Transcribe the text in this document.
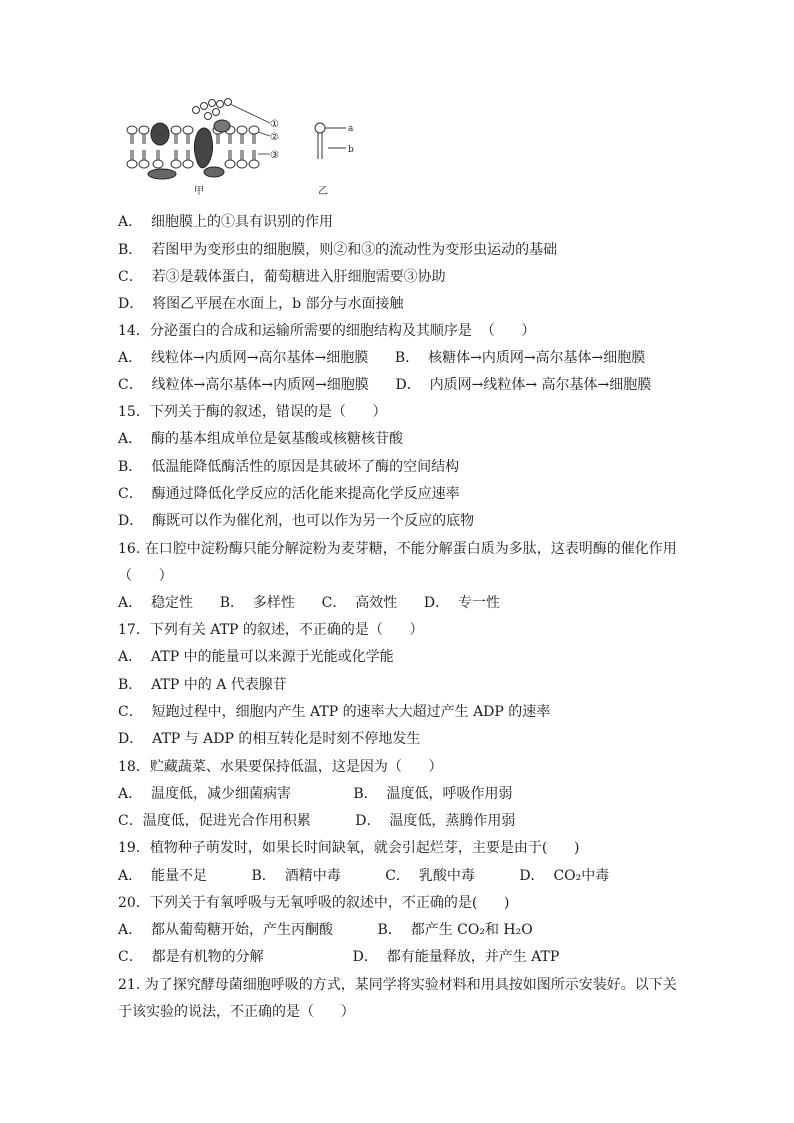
①
②
③
甲
a
b
乙
A．  细胞膜上的①具有识别的作用
B．  若图甲为变形虫的细胞膜，则②和③的流动性为变形虫运动的基础
C．  若③是载体蛋白，葡萄糖进入肝细胞需要③协助
D．  将图乙平展在水面上，b 部分与水面接触
14．分泌蛋白的合成和运输所需要的细胞结构及其顺序是  （      ）
A．  线粒体→内质网→高尔基体→细胞膜      B．  核糖体→内质网→高尔基体→细胞膜
C．  线粒体→高尔基体→内质网→细胞膜      D．  内质网→线粒体→ 高尔基体→细胞膜
15．下列关于酶的叙述，错误的是（      ）
A．  酶的基本组成单位是氨基酸或核糖核苷酸
B．  低温能降低酶活性的原因是其破坏了酶的空间结构
C．  酶通过降低化学反应的活化能来提高化学反应速率
D．  酶既可以作为催化剂，也可以作为另一个反应的底物
16. 在口腔中淀粉酶只能分解淀粉为麦芽糖，不能分解蛋白质为多肽，这表明酶的催化作用
（      ）
A．  稳定性      B．  多样性      C．  高效性      D．  专一性
17．下列有关 ATP 的叙述，不正确的是（      ）
A．  ATP 中的能量可以来源于光能或化学能
B．  ATP 中的 A 代表腺苷
C．  短跑过程中，细胞内产生 ATP 的速率大大超过产生 ADP 的速率
D．  ATP 与 ADP 的相互转化是时刻不停地发生
18．贮藏蔬菜、水果要保持低温，这是因为（      ）
A．  温度低，减少细菌病害              B．  温度低，呼吸作用弱
C．温度低，促进光合作用积累          D．  温度低，蒸腾作用弱
19．植物种子萌发时，如果长时间缺氧，就会引起烂芽，主要是由于(      )
A．  能量不足          B．  酒精中毒          C．  乳酸中毒          D．  CO₂中毒
20．下列关于有氧呼吸与无氧呼吸的叙述中，不正确的是(      )
A．  都从葡萄糖开始，产生丙酮酸          B．  都产生 CO₂和 H₂O
C．  都是有机物的分解                    D．  都有能量释放，并产生 ATP
21. 为了探究酵母菌细胞呼吸的方式，某同学将实验材料和用具按如图所示安装好。以下关
于该实验的说法，不正确的是（      ）
